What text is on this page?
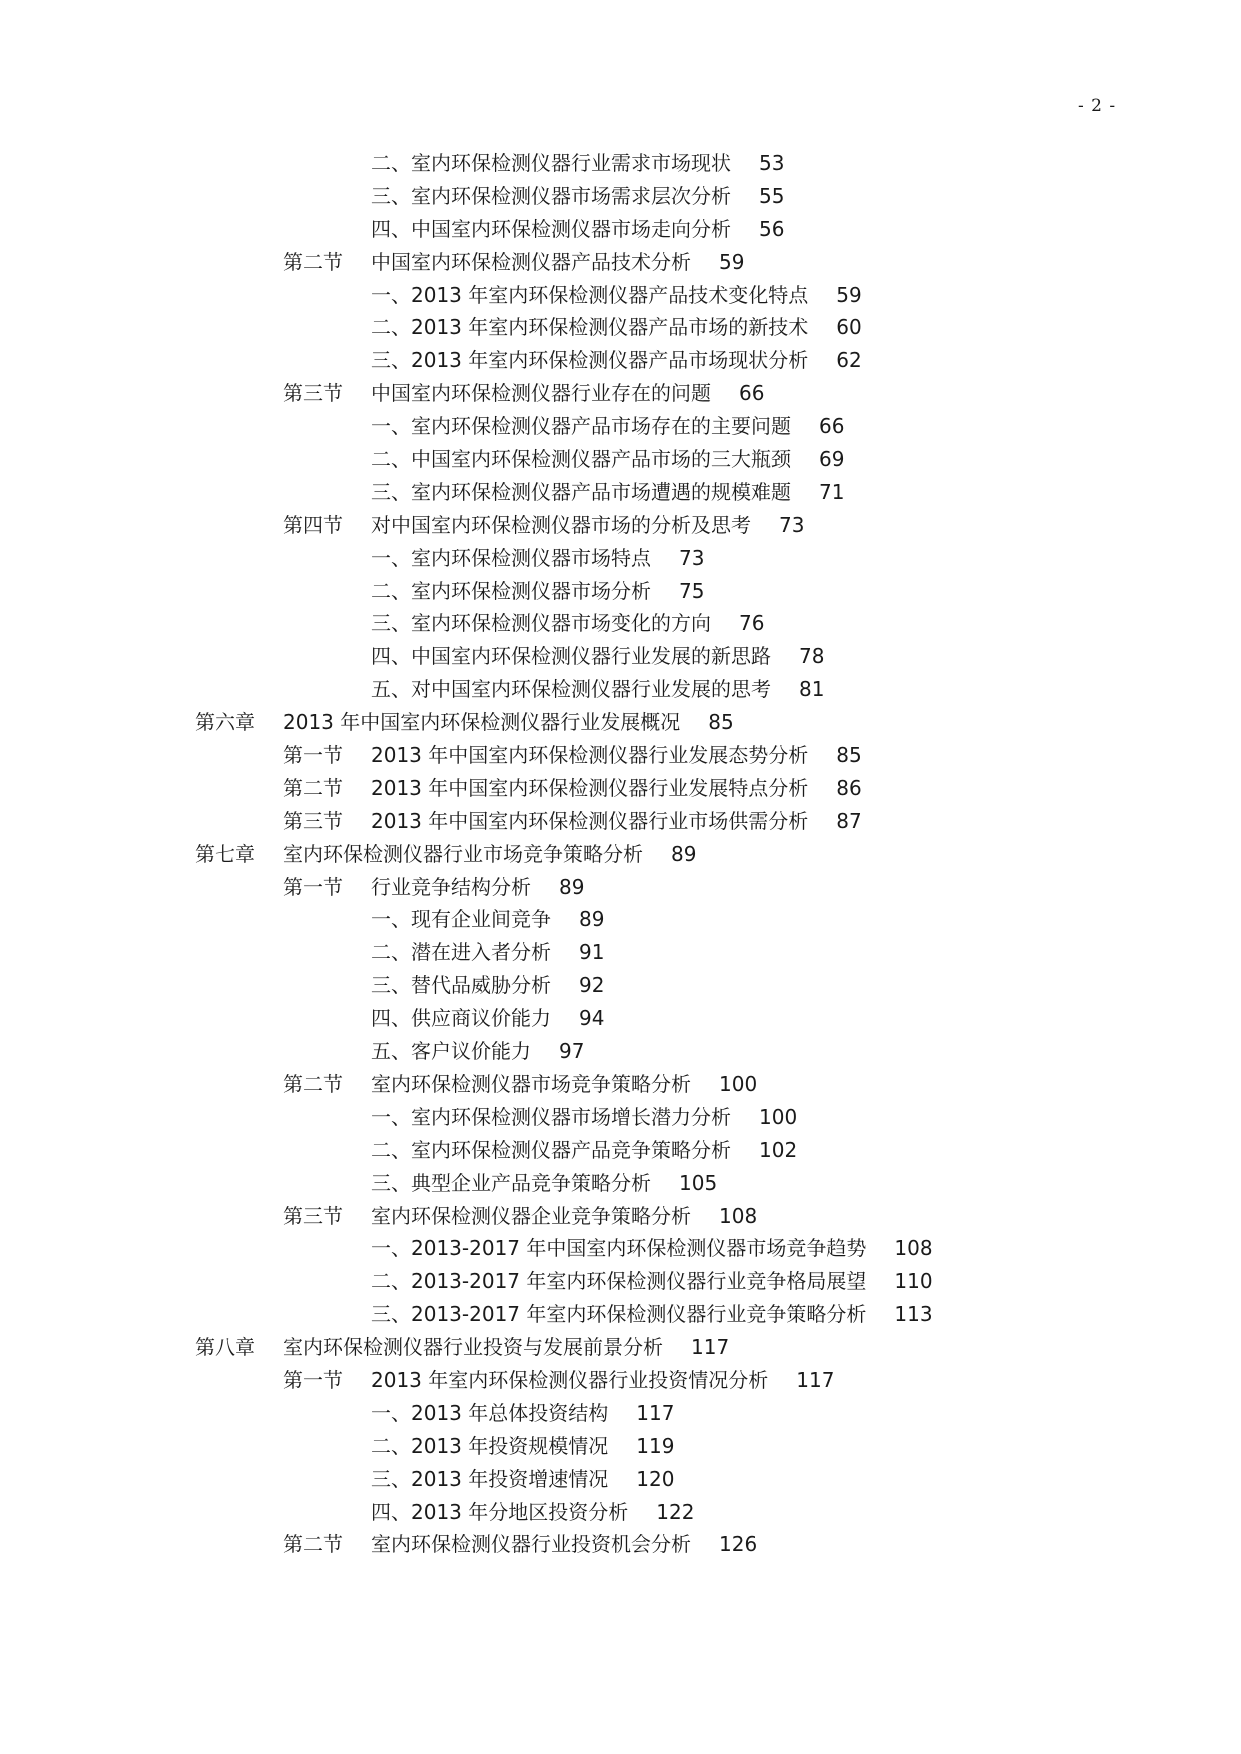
- 2 -
二、室内环保检测仪器行业需求市场现状 53
三、室内环保检测仪器市场需求层次分析 55
四、中国室内环保检测仪器市场走向分析 56
第二节 中国室内环保检测仪器产品技术分析 59
一、2013 年室内环保检测仪器产品技术变化特点 59
二、2013 年室内环保检测仪器产品市场的新技术 60
三、2013 年室内环保检测仪器产品市场现状分析 62
第三节 中国室内环保检测仪器行业存在的问题 66
一、室内环保检测仪器产品市场存在的主要问题 66
二、中国室内环保检测仪器产品市场的三大瓶颈 69
三、室内环保检测仪器产品市场遭遇的规模难题 71
第四节 对中国室内环保检测仪器市场的分析及思考 73
一、室内环保检测仪器市场特点 73
二、室内环保检测仪器市场分析 75
三、室内环保检测仪器市场变化的方向 76
四、中国室内环保检测仪器行业发展的新思路 78
五、对中国室内环保检测仪器行业发展的思考 81
第六章 2013 年中国室内环保检测仪器行业发展概况 85
第一节 2013 年中国室内环保检测仪器行业发展态势分析 85
第二节 2013 年中国室内环保检测仪器行业发展特点分析 86
第三节 2013 年中国室内环保检测仪器行业市场供需分析 87
第七章 室内环保检测仪器行业市场竞争策略分析 89
第一节 行业竞争结构分析 89
一、现有企业间竞争 89
二、潜在进入者分析 91
三、替代品威胁分析 92
四、供应商议价能力 94
五、客户议价能力 97
第二节 室内环保检测仪器市场竞争策略分析 100
一、室内环保检测仪器市场增长潜力分析 100
二、室内环保检测仪器产品竞争策略分析 102
三、典型企业产品竞争策略分析 105
第三节 室内环保检测仪器企业竞争策略分析 108
一、2013-2017 年中国室内环保检测仪器市场竞争趋势 108
二、2013-2017 年室内环保检测仪器行业竞争格局展望 110
三、2013-2017 年室内环保检测仪器行业竞争策略分析 113
第八章 室内环保检测仪器行业投资与发展前景分析 117
第一节 2013 年室内环保检测仪器行业投资情况分析 117
一、2013 年总体投资结构 117
二、2013 年投资规模情况 119
三、2013 年投资增速情况 120
四、2013 年分地区投资分析 122
第二节 室内环保检测仪器行业投资机会分析 126
